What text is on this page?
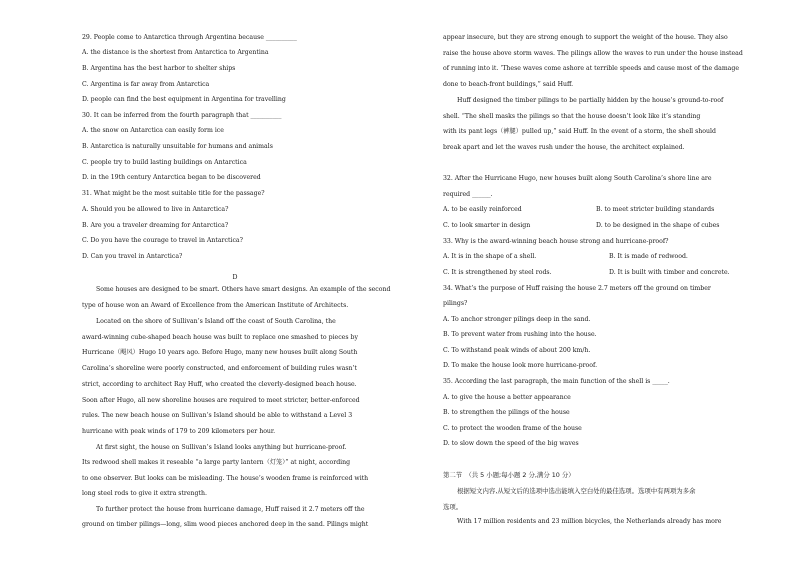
29. People come to Antarctica through Argentina because __________
A. the distance is the shortest from Antarctica to Argentina
B. Argentina has the best harbor to shelter ships
C. Argentina is far away from Antarctica
D. people can find the best equipment in Argentina for travelling
30. It can be inferred from the fourth paragraph that __________
A. the snow on Antarctica can easily form ice
B. Antarctica is naturally unsuitable for humans and animals
C. people try to build lasting buildings on Antarctica
D. in the 19th century Antarctica began to be discovered
31. What might be the most suitable title for the passage?
A. Should you be allowed to live in Antarctica?
B. Are you a traveler dreaming for Antarctica?
C. Do you have the courage to travel in Antarctica?
D. Can you travel in Antarctica?
D
Some houses are designed to be smart. Others have smart designs. An example of the second
type of house won an Award of Excellence from the American Institute of Architects.
Located on the shore of Sullivan’s Island off the coast of South Carolina, the
award-winning cube-shaped beach house was built to replace one smashed to pieces by
Hurricane（飓风）Hugo 10 years ago. Before Hugo, many new houses built along South
Carolina’s shoreline were poorly constructed, and enforcement of building rules wasn’t
strict, according to architect Ray Huff, who created the cleverly-designed beach house.
Soon after Hugo, all new shoreline houses are required to meet stricter, better-enforced
rules. The new beach house on Sullivan’s Island should be able to withstand a Level 3
hurricane with peak winds of 179 to 209 kilometers per hour.
At first sight, the house on Sullivan’s Island looks anything but hurricane-proof.
Its redwood shell makes it reseable “a large party lantern（灯笼）” at night, according
to one observer. But looks can be misleading. The house’s wooden frame is reinforced with
long steel rods to give it extra strength.
To further protect the house from hurricane damage, Huff raised it 2.7 meters off the
ground on timber pilings—long, slim wood pieces anchored deep in the sand. Pilings might
appear insecure, but they are strong enough to support the weight of the house. They also
raise the house above storm waves. The pilings allow the waves to run under the house instead
of running into it. ‘These waves come ashore at terrible speeds and cause most of the damage
done to beach-front buildings,” said Huff.
Huff designed the timber pilings to be partially hidden by the house’s ground-to-roof
shell. “The shell masks the pilings so that the house doesn’t look like it’s standing
with its pant legs（裤腿）pulled up,” said Huff. In the event of a storm, the shell should
break apart and let the waves rush under the house, the architect explained.
32. After the Hurricane Hugo, new houses built along South Carolina’s shore line are
required ______.
A. to be easily reinforced	B. to meet stricter building standards
C. to look smarter in design	D. to be designed in the shape of cubes
33. Why is the award-winning beach house strong and hurricane-proof?
A. It is in the shape of a shell.	B. It is made of redwood.
C. It is strengthened by steel rods.	D. It is built with timber and concrete.
34. What’s the purpose of Huff raising the house 2.7 meters off the ground on timber
pilings?
A. To anchor stronger pilings deep in the sand.
B. To prevent water from rushing into the house.
C. To withstand peak winds of about 200 km/h.
D. To make the house look more hurricane-proof.
35. According the last paragraph, the main function of the shell is _____.
A. to give the house a better appearance
B. to strengthen the pilings of the house
C. to protect the wooden frame of the house
D. to slow down the speed of the big waves
第二节　（共 5 小题;每小题 2 分,满分 10 分）
根据短文内容,从短文后的选项中选出能填入空白处的最佳选项。选项中有两项为多余
选项。
With 17 million residents and 23 million bicycles, the Netherlands already has more
